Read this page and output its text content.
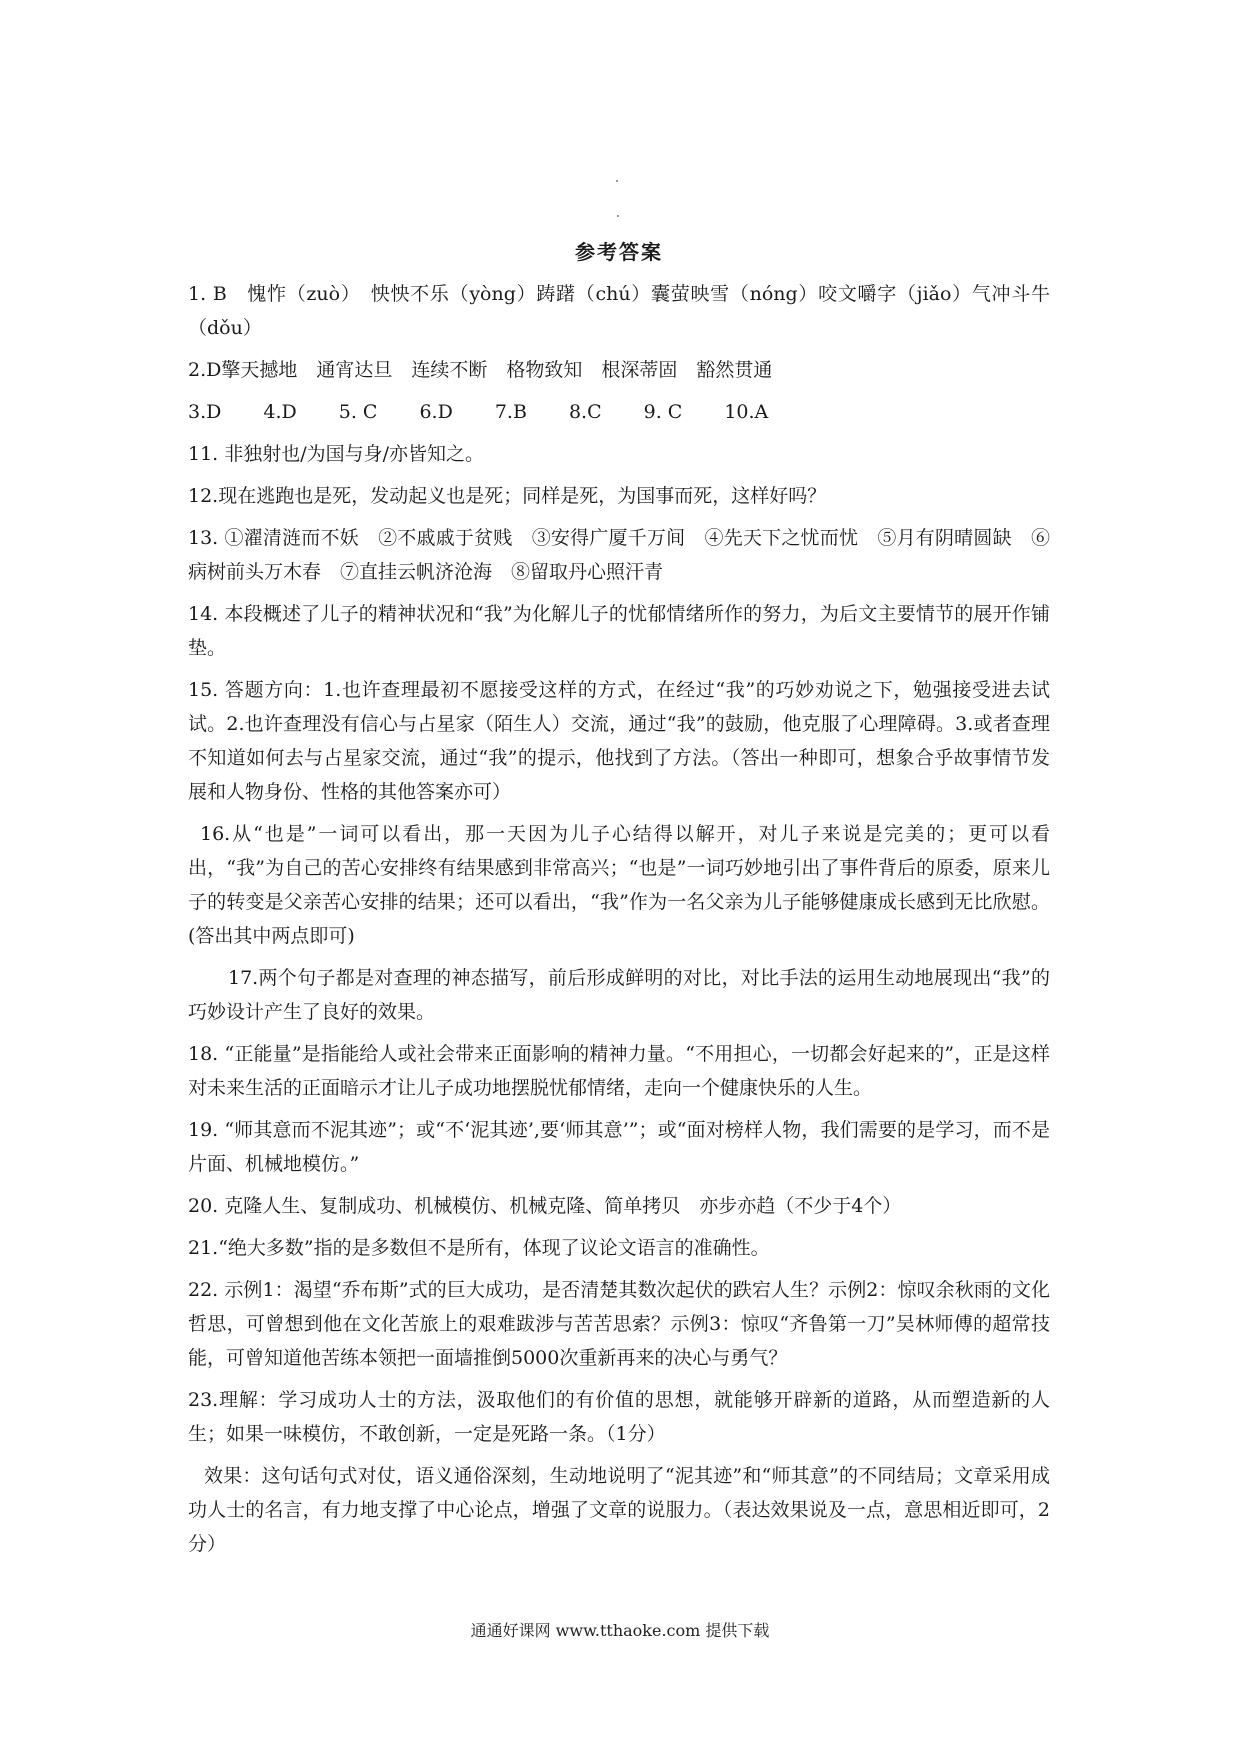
参考答案

1. B　愧怍（zuò）　怏怏不乐（yòng）踌躇（chú）囊萤映雪（nóng）咬文嚼字（jiǎo）气冲斗牛（dǒu）

2.D擎天撼地　通宵达旦　连续不断　格物致知　根深蒂固　豁然贯通

3.D 4.D 5. C 6.D 7.B 8.C 9. C 10.A

11. 非独射也/为国与身/亦皆知之。

12.现在逃跑也是死，发动起义也是死；同样是死，为国事而死，这样好吗？

13. ①濯清涟而不妖　②不戚戚于贫贱　③安得广厦千万间　④先天下之忧而忧　⑤月有阴晴圆缺　⑥病树前头万木春　⑦直挂云帆济沧海　⑧留取丹心照汗青

14. 本段概述了儿子的精神状况和“我”为化解儿子的忧郁情绪所作的努力，为后文主要情节的展开作铺垫。

15. 答题方向：1.也许查理最初不愿接受这样的方式，在经过“我”的巧妙劝说之下，勉强接受进去试试。2.也许查理没有信心与占星家（陌生人）交流，通过“我”的鼓励，他克服了心理障碍。3.或者查理不知道如何去与占星家交流，通过“我”的提示，他找到了方法。（答出一种即可，想象合乎故事情节发展和人物身份、性格的其他答案亦可）

16.从“也是”一词可以看出，那一天因为儿子心结得以解开，对儿子来说是完美的；更可以看出，“我”为自己的苦心安排终有结果感到非常高兴；“也是”一词巧妙地引出了事件背后的原委，原来儿子的转变是父亲苦心安排的结果；还可以看出，“我”作为一名父亲为儿子能够健康成长感到无比欣慰。(答出其中两点即可)

17.两个句子都是对查理的神态描写，前后形成鲜明的对比，对比手法的运用生动地展现出“我”的巧妙设计产生了良好的效果。

18. “正能量”是指能给人或社会带来正面影响的精神力量。“不用担心，一切都会好起来的”，正是这样对未来生活的正面暗示才让儿子成功地摆脱忧郁情绪，走向一个健康快乐的人生。

19. “师其意而不泥其迹”；或“不‘泥其迹’,要‘师其意’”；或“面对榜样人物，我们需要的是学习，而不是片面、机械地模仿。”

20. 克隆人生、复制成功、机械模仿、机械克隆、简单拷贝　亦步亦趋（不少于4个）

21.“绝大多数”指的是多数但不是所有，体现了议论文语言的准确性。

22. 示例1：渴望“乔布斯”式的巨大成功，是否清楚其数次起伏的跌宕人生？示例2：惊叹余秋雨的文化哲思，可曾想到他在文化苦旅上的艰难跋涉与苦苦思索？示例3：惊叹“齐鲁第一刀”吴林师傅的超常技能，可曾知道他苦练本领把一面墙推倒5000次重新再来的决心与勇气？

23.理解：学习成功人士的方法，汲取他们的有价值的思想，就能够开辟新的道路，从而塑造新的人生；如果一味模仿，不敢创新，一定是死路一条。（1分）

效果：这句话句式对仗，语义通俗深刻，生动地说明了“泥其迹”和“师其意”的不同结局；文章采用成功人士的名言，有力地支撑了中心论点，增强了文章的说服力。（表达效果说及一点，意思相近即可，2分）

通通好课网 www.tthaoke.com 提供下载
